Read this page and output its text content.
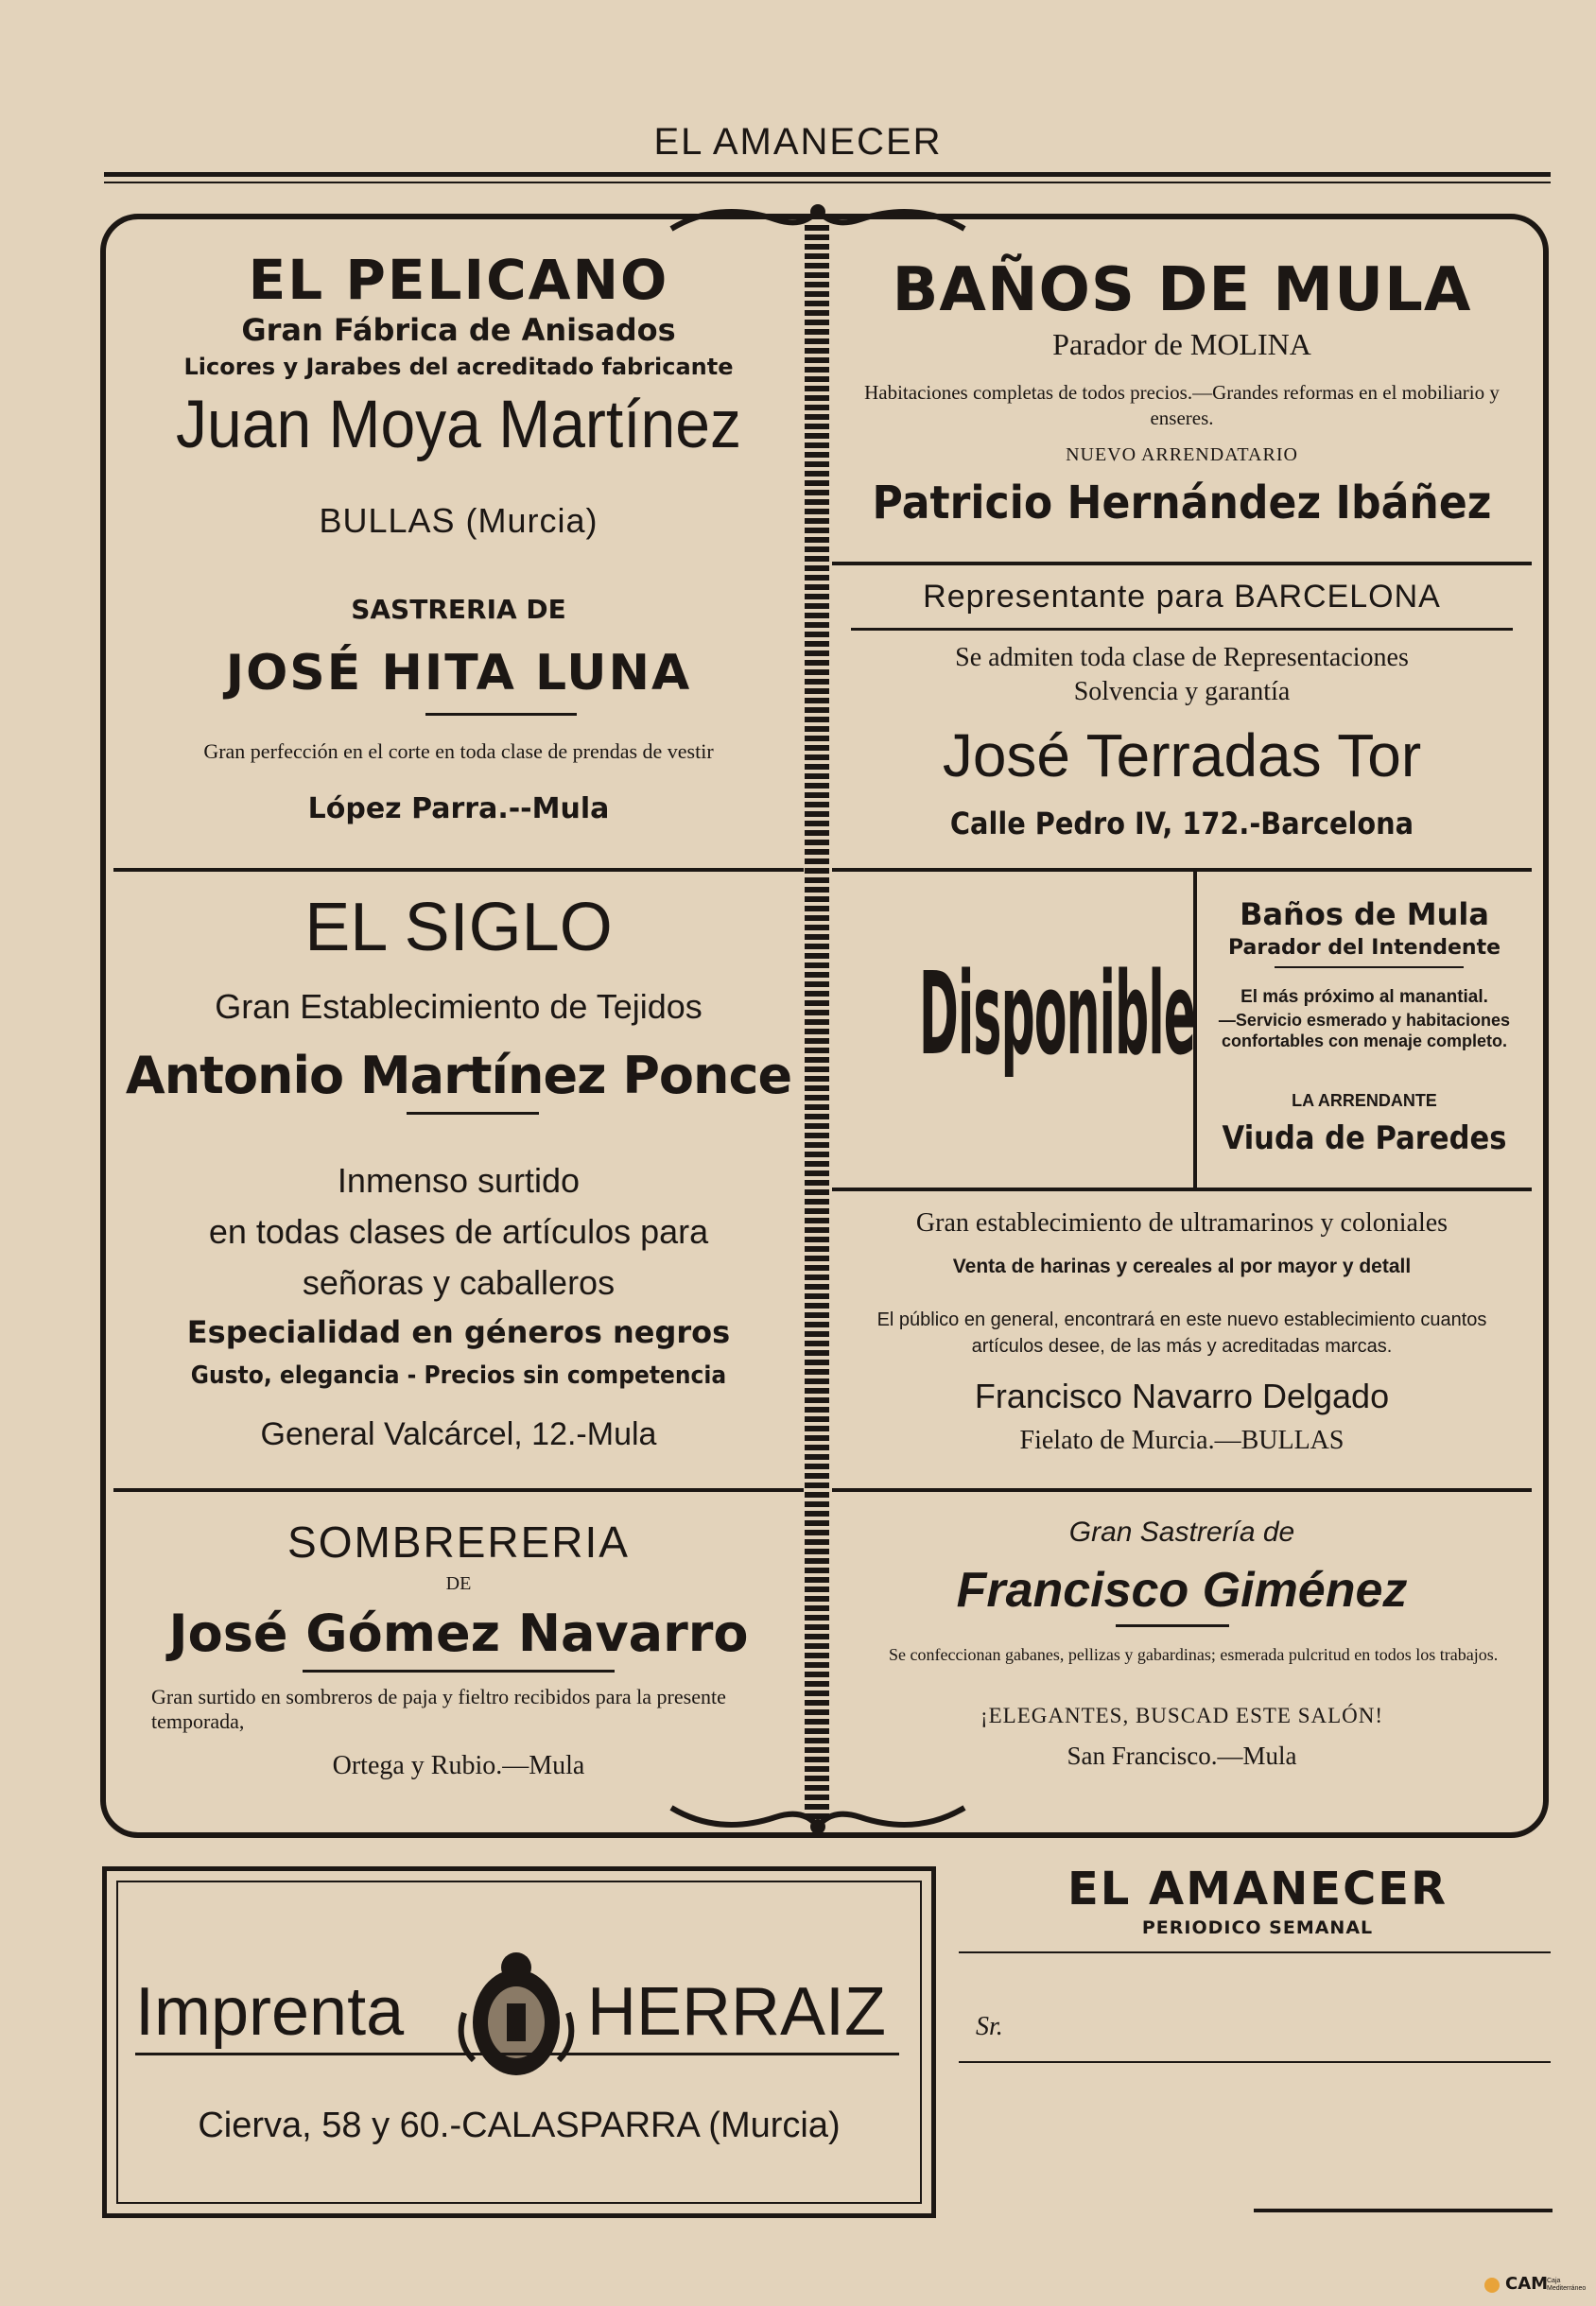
EL AMANECER
EL PELICANO
Gran Fábrica de Anisados
Licores y Jarabes del acreditado fabricante
Juan Moya Martínez
BULLAS (Murcia)
SASTRERIA DE
JOSÉ HITA LUNA
Gran perfección en el corte en toda clase de prendas de vestir
López Parra.--Mula
BAÑOS DE MULA
Parador de MOLINA
Habitaciones completas de todos precios.—Grandes reformas en el mobiliario y enseres.
NUEVO ARRENDATARIO
Patricio Hernández Ibáñez
Representante para BARCELONA
Se admiten toda clase de Representaciones
Solvencia y garantía
José Terradas Tor
Calle Pedro IV, 172.-Barcelona
EL SIGLO
Gran Establecimiento de Tejidos
Antonio Martínez Ponce
Inmenso surtido
en todas clases de artículos para
señoras y caballeros
Especialidad en géneros negros
Gusto, elegancia - Precios sin competencia
General Valcárcel, 12.-Mula
Disponible
Baños de Mula
Parador del Intendente
El más próximo al manantial.
—Servicio esmerado y habitaciones confortables con menaje completo.
LA ARRENDANTE
Viuda de Paredes
Gran establecimiento de ultramarinos y coloniales
Venta de harinas y cereales al por mayor y detall
El público en general, encontrará en este nuevo establecimiento cuantos artículos desee, de las más y acreditadas marcas.
Francisco Navarro Delgado
Fielato de Murcia.—BULLAS
SOMBRERERIA
DE
José Gómez Navarro
Gran surtido en sombreros de paja y fieltro recibidos para la presente temporada,
Ortega y Rubio.—Mula
Gran Sastrería de
Francisco Giménez
Se confeccionan gabanes, pellizas y gabardinas; esmerada pulcritud en todos los trabajos.
¡ELEGANTES, BUSCAD ESTE SALÓN!
San Francisco.—Mula
Imprenta	HERRAIZ
Cierva, 58 y 60.-CALASPARRA (Murcia)
EL AMANECER
PERIODICO SEMANAL
Sr.
CAM
Caja Mediterráneo
